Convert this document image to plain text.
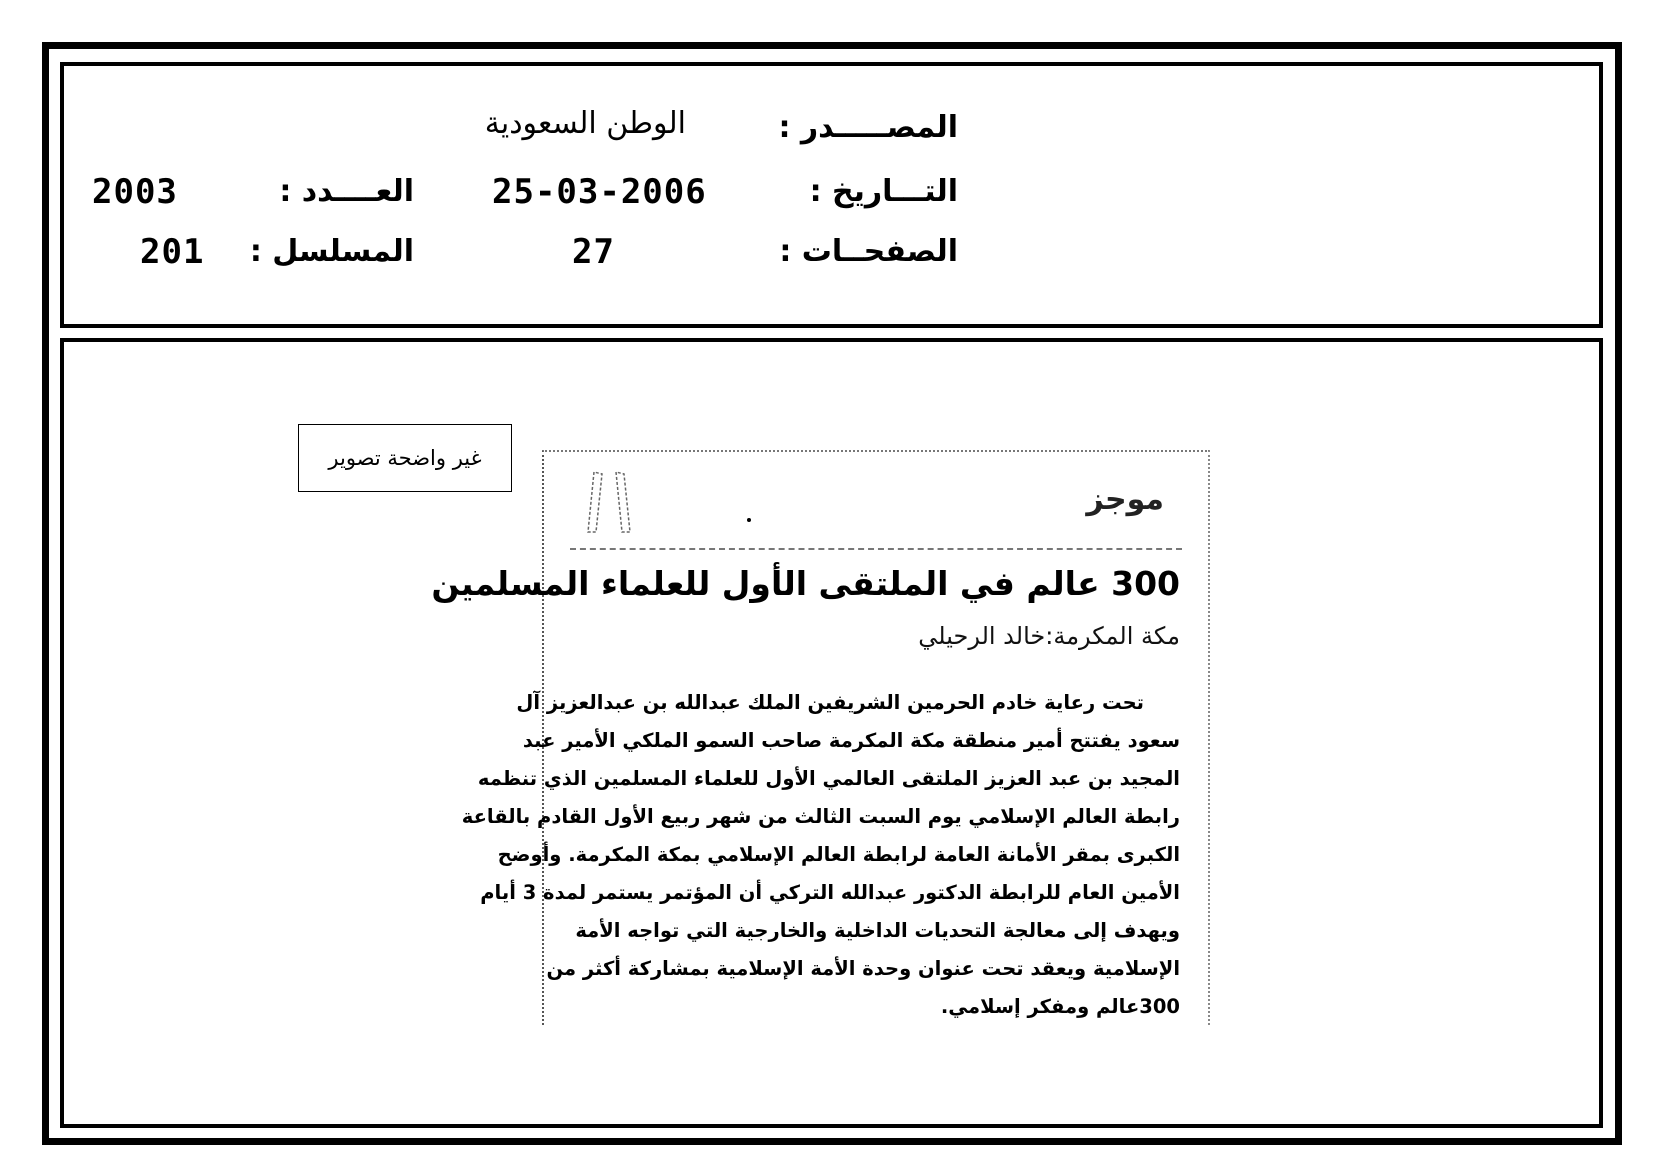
المصـــــدر :
الوطن السعودية
التـــاريخ :
25-03-2006
العــــدد :
2003
الصفحــات :
27
المسلسل :
201
غير واضحة تصوير
موجز
300 عالم في الملتقى الأول للعلماء المسلمين
مكة المكرمة:خالد الرحيلي
تحت رعاية خادم الحرمين الشريفين الملك عبدالله بن عبدالعزيز آل
سعود يفتتح أمير منطقة مكة المكرمة صاحب السمو الملكي الأمير عبد
المجيد بن عبد العزيز الملتقى العالمي الأول للعلماء المسلمين الذي تنظمه
رابطة العالم الإسلامي يوم السبت الثالث من شهر ربيع الأول القادم بالقاعة
الكبرى بمقر الأمانة العامة لرابطة العالم الإسلامي بمكة المكرمة. وأوضح
الأمين العام للرابطة الدكتور عبدالله التركي أن المؤتمر يستمر لمدة 3 أيام
ويهدف إلى معالجة التحديات الداخلية والخارجية التي تواجه الأمة
الإسلامية ويعقد تحت عنوان وحدة الأمة الإسلامية بمشاركة أكثر من
300عالم ومفكر إسلامي.
